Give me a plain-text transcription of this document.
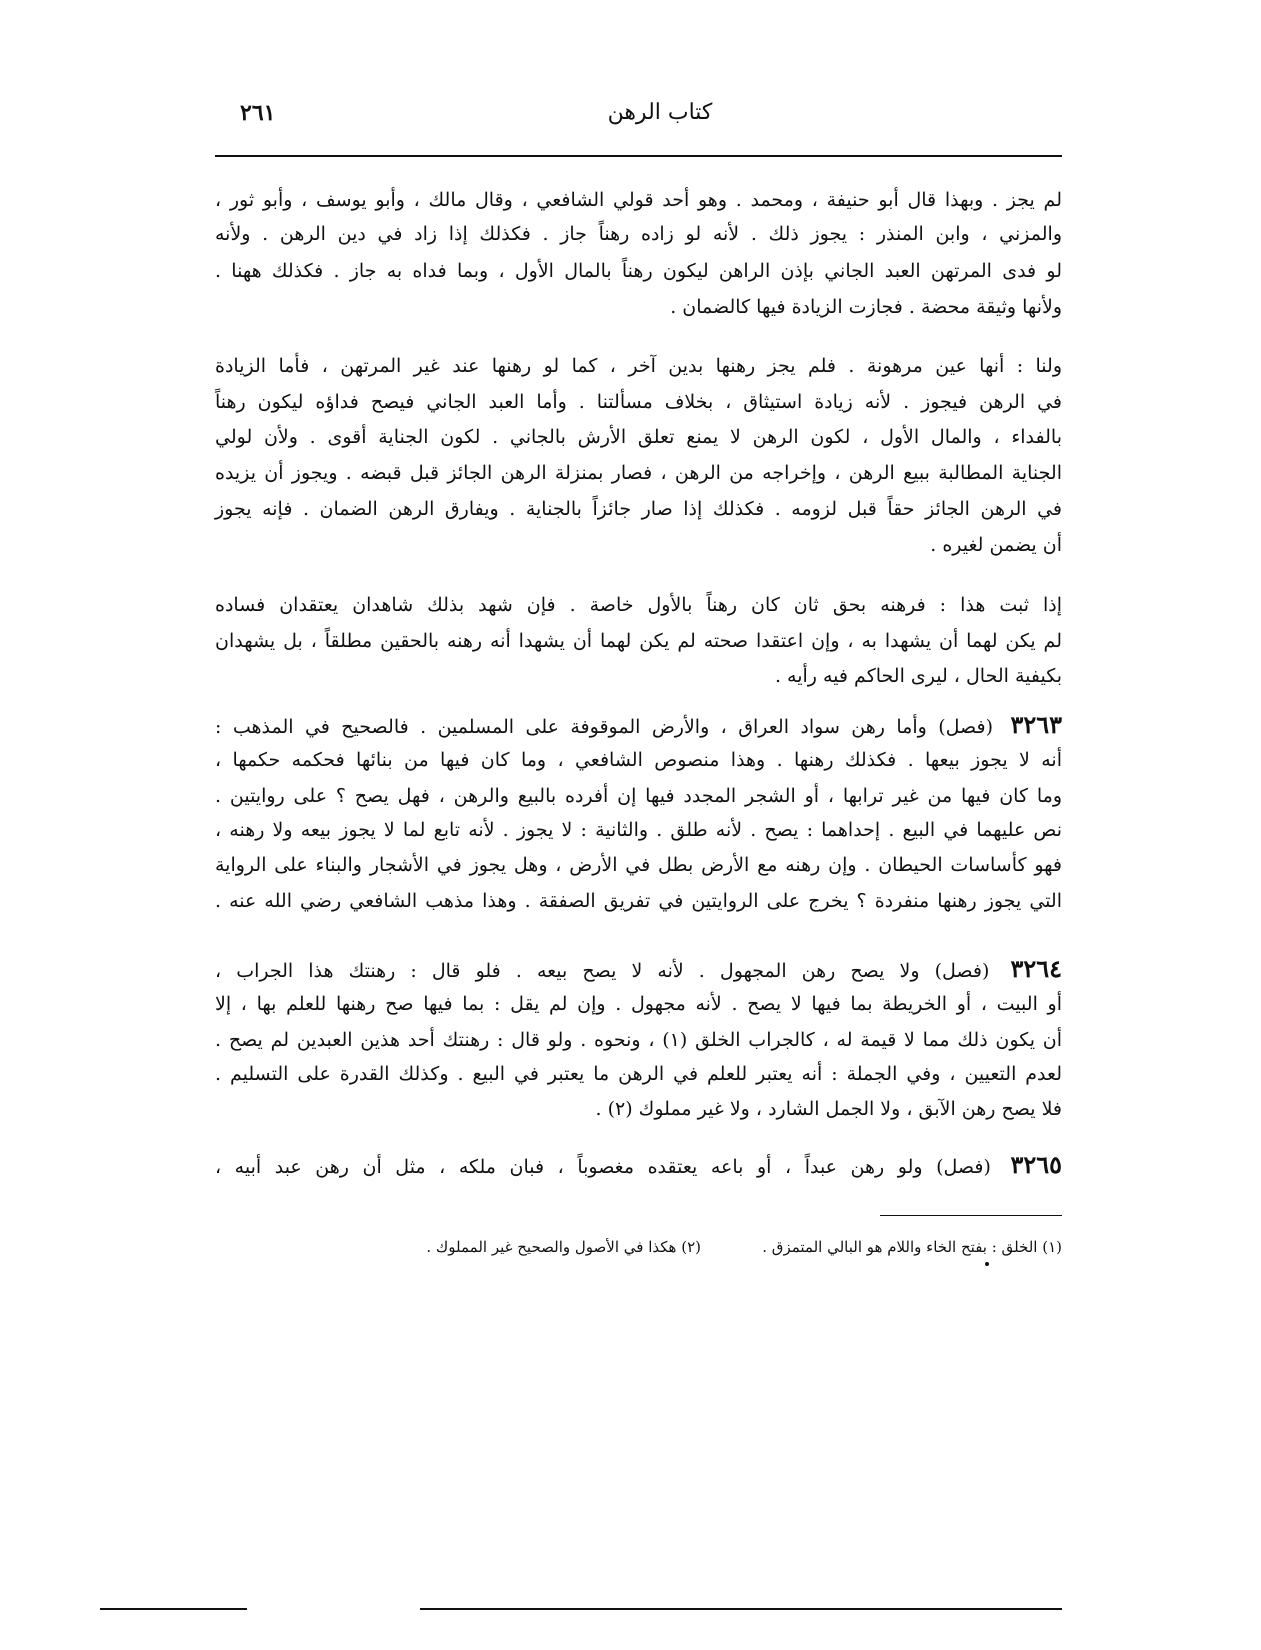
٢٦١	كتاب الرهن
لم يجز . وبهذا قال أبو حنيفة ، ومحمد . وهو أحد قولي الشافعي ، وقال مالك ، وأبو يوسف ، وأبو ثور ،
والمزني ، وابن المنذر : يجوز ذلك . لأنه لو زاده رهناً جاز . فكذلك إذا زاد في دين الرهن . ولأنه
لو فدى المرتهن العبد الجاني بإذن الراهن ليكون رهناً بالمال الأول ، وبما فداه به جاز . فكذلك ههنا .
ولأنها وثيقة محضة . فجازت الزيادة فيها كالضمان .
ولنا : أنها عين مرهونة . فلم يجز رهنها بدين آخر ، كما لو رهنها عند غير المرتهن ، فأما الزيادة
في الرهن فيجوز . لأنه زيادة استيثاق ، بخلاف مسألتنا . وأما العبد الجاني فيصح فداؤه ليكون رهناً
بالفداء ، والمال الأول ، لكون الرهن لا يمنع تعلق الأرش بالجاني . لكون الجناية أقوى . ولأن لولي
الجناية المطالبة ببيع الرهن ، وإخراجه من الرهن ، فصار بمنزلة الرهن الجائز قبل قبضه . ويجوز أن يزيده
في الرهن الجائز حقاً قبل لزومه . فكذلك إذا صار جائزاً بالجناية . ويفارق الرهن الضمان . فإنه يجوز
أن يضمن لغيره .
إذا ثبت هذا : فرهنه بحق ثان كان رهناً بالأول خاصة . فإن شهد بذلك شاهدان يعتقدان فساده
لم يكن لهما أن يشهدا به ، وإن اعتقدا صحته لم يكن لهما أن يشهدا أنه رهنه بالحقين مطلقاً ، بل يشهدان
بكيفية الحال ، ليرى الحاكم فيه رأيه .
٣٢٦٣ (فصل) وأما رهن سواد العراق ، والأرض الموقوفة على المسلمين . فالصحيح في المذهب :
أنه لا يجوز بيعها . فكذلك رهنها . وهذا منصوص الشافعي ، وما كان فيها من بنائها فحكمه حكمها ،
وما كان فيها من غير ترابها ، أو الشجر المجدد فيها إن أفرده بالبيع والرهن ، فهل يصح ؟ على روايتين .
نص عليهما في البيع . إحداهما : يصح . لأنه طلق . والثانية : لا يجوز . لأنه تابع لما لا يجوز بيعه ولا رهنه ،
فهو كأساسات الحيطان . وإن رهنه مع الأرض بطل في الأرض ، وهل يجوز في الأشجار والبناء على الرواية
التي يجوز رهنها منفردة ؟ يخرج على الروايتين في تفريق الصفقة . وهذا مذهب الشافعي رضي الله عنه .
٣٢٦٤ (فصل) ولا يصح رهن المجهول . لأنه لا يصح بيعه . فلو قال : رهنتك هذا الجراب ،
أو البيت ، أو الخريطة بما فيها لا يصح . لأنه مجهول . وإن لم يقل : بما فيها صح رهنها للعلم بها ، إلا
أن يكون ذلك مما لا قيمة له ، كالجراب الخلق (١) ، ونحوه . ولو قال : رهنتك أحد هذين العبدين لم يصح .
لعدم التعيين ، وفي الجملة : أنه يعتبر للعلم في الرهن ما يعتبر في البيع . وكذلك القدرة على التسليم .
فلا يصح رهن الآبق ، ولا الجمل الشارد ، ولا غير مملوك (٢) .
٣٢٦٥ (فصل) ولو رهن عبداً ، أو باعه يعتقده مغصوباً ، فبان ملكه ، مثل أن رهن عبد أبيه ،
(١) الخلق : بفتح الخاء واللام هو البالي المتمزق .
(٢) هكذا في الأصول والصحيح غير المملوك .
